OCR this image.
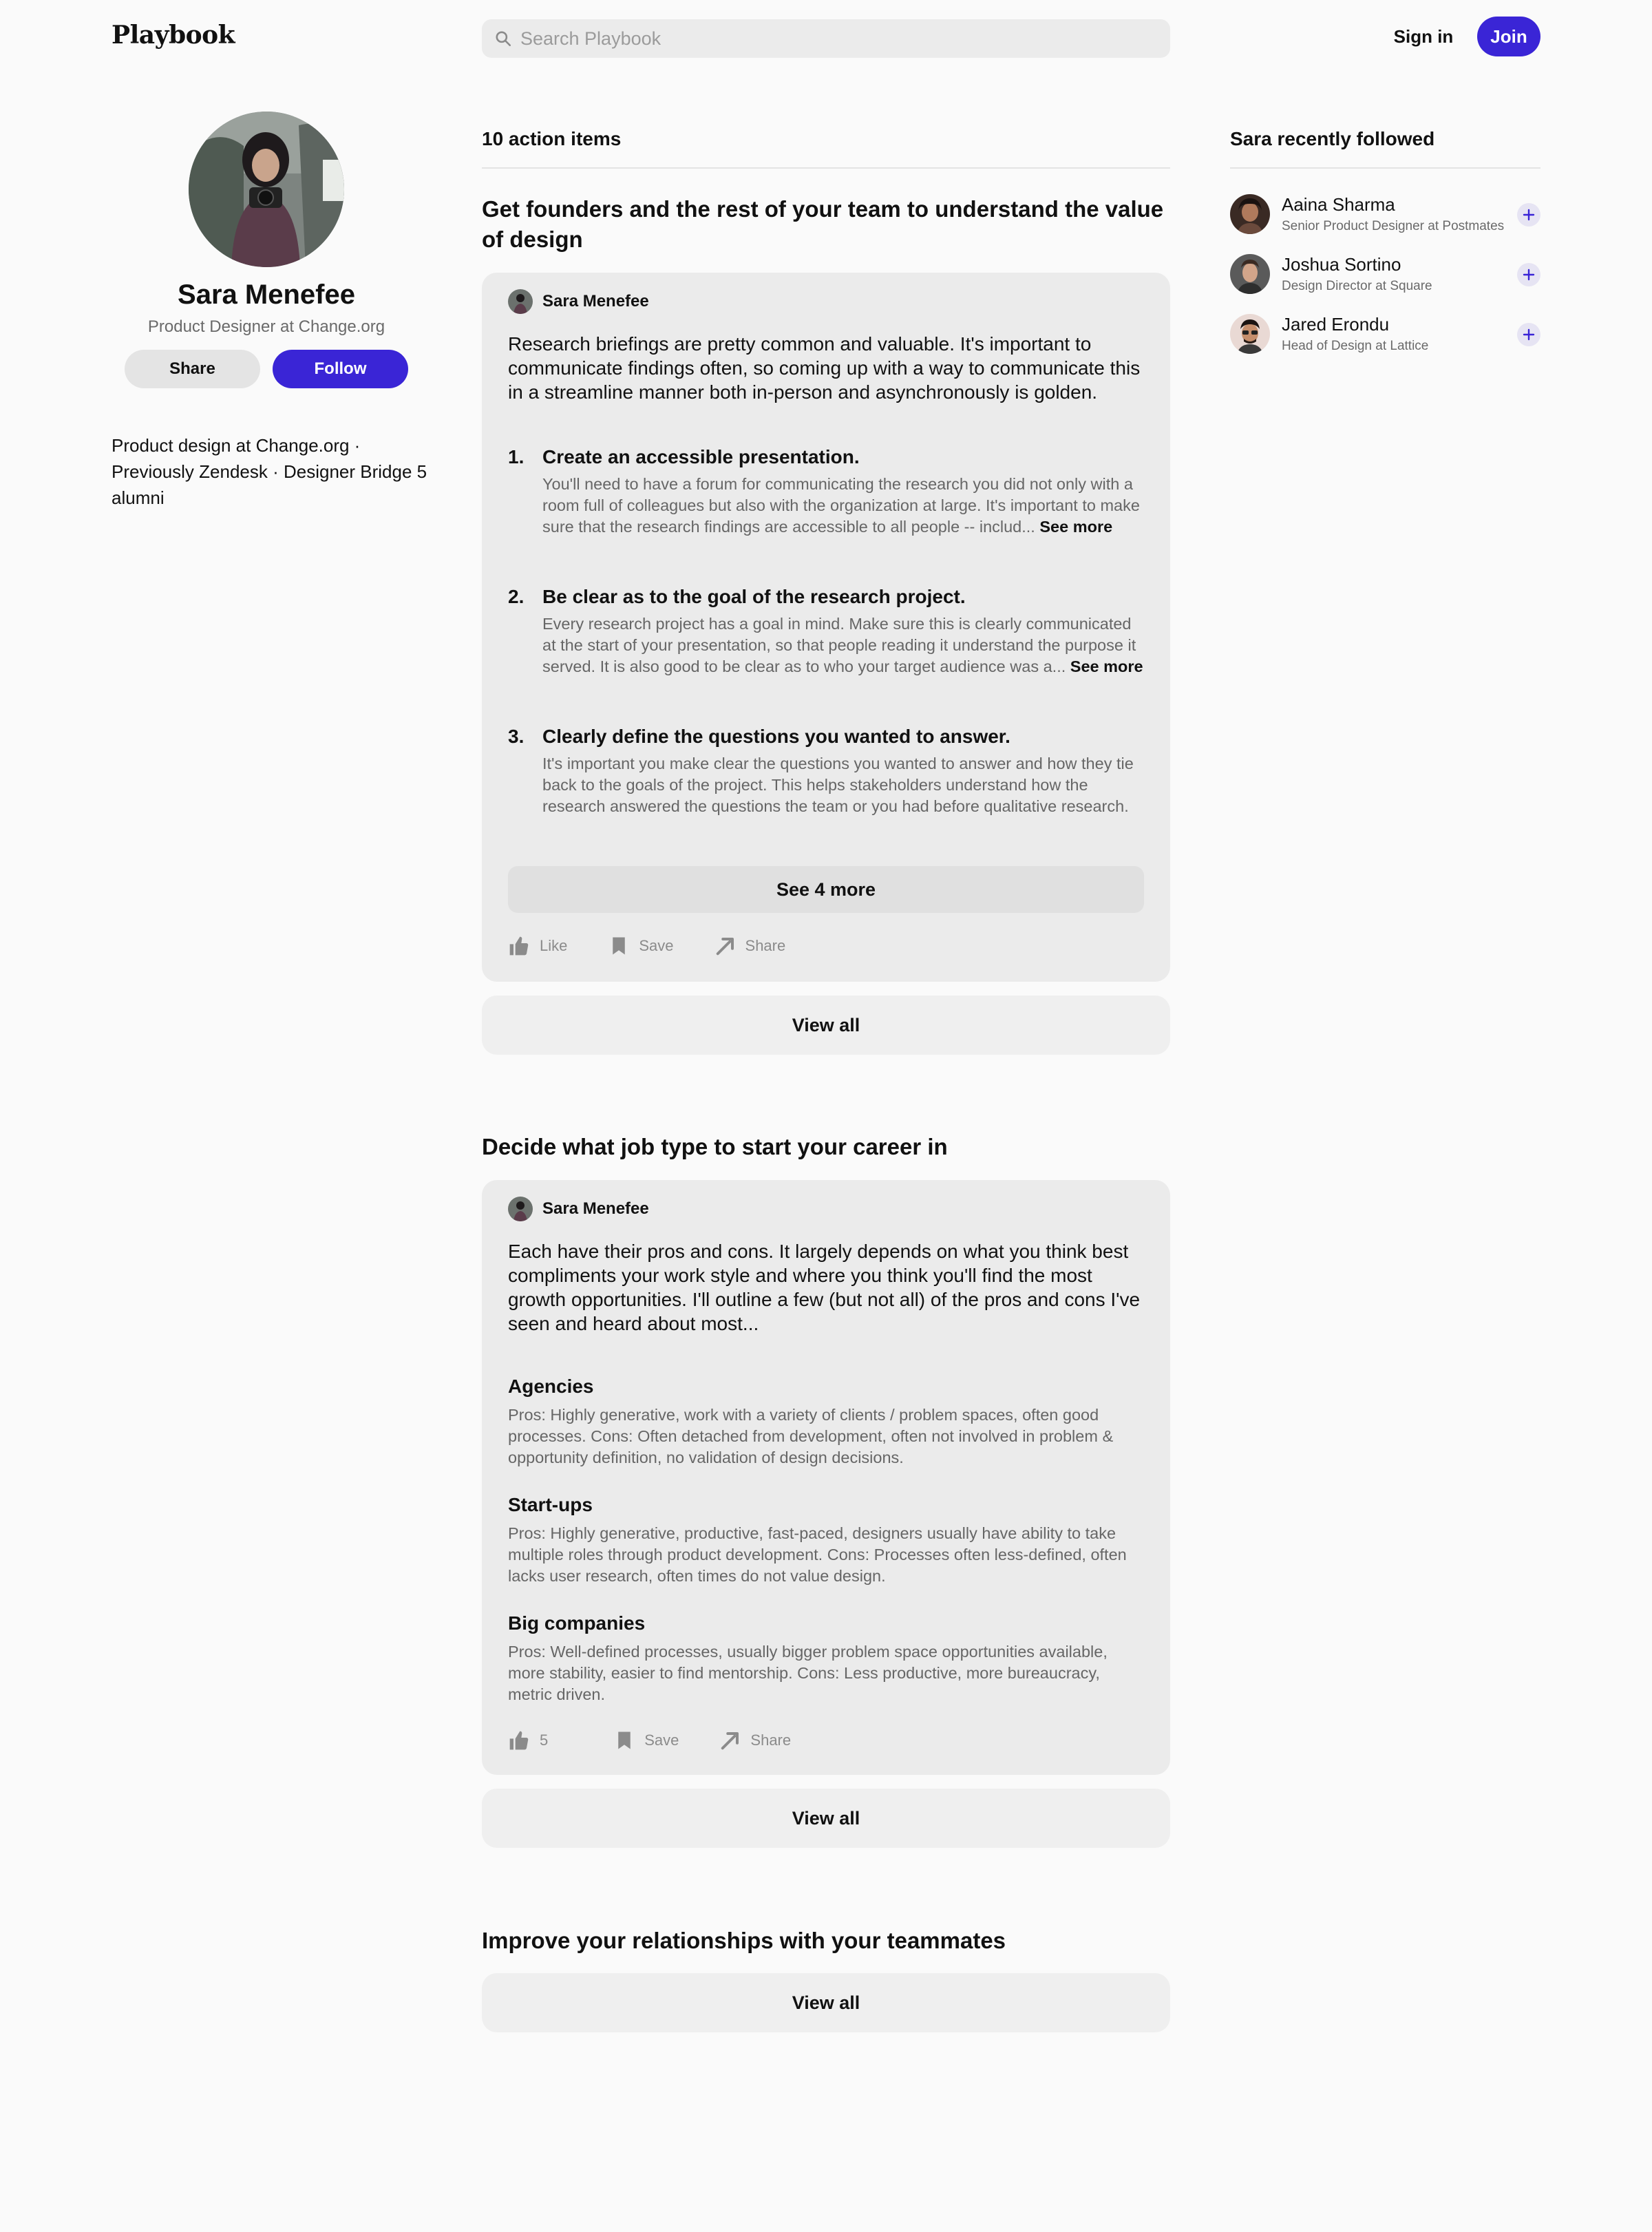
Playbook
Search Playbook	Sign in	Join
Sara Menefee
Product Designer at Change.org
Share	Follow
Product design at Change.org · Previously Zendesk · Designer Bridge 5 alumni
10 action items
Get founders and the rest of your team to understand the value of design
Sara Menefee
Research briefings are pretty common and valuable. It's important to communicate findings often, so coming up with a way to communicate this in a streamline manner both in-person and asynchronously is golden.
1. Create an accessible presentation.
You'll need to have a forum for communicating the research you did not only with a room full of colleagues but also with the organization at large. It's important to make sure that the research findings are accessible to all people -- includ... See more
2. Be clear as to the goal of the research project.
Every research project has a goal in mind. Make sure this is clearly communicated at the start of your presentation, so that people reading it understand the purpose it served. It is also good to be clear as to who your target audience was a... See more
3. Clearly define the questions you wanted to answer.
It's important you make clear the questions you wanted to answer and how they tie back to the goals of the project. This helps stakeholders understand how the research answered the questions the team or you had before qualitative research.
See 4 more
Like	Save	Share
View all
Decide what job type to start your career in
Sara Menefee
Each have their pros and cons. It largely depends on what you think best compliments your work style and where you think you'll find the most growth opportunities. I'll outline a few (but not all) of the pros and cons I've seen and heard about most...
Agencies
Pros: Highly generative, work with a variety of clients / problem spaces, often good processes. Cons: Often detached from development, often not involved in problem & opportunity definition, no validation of design decisions.
Start-ups
Pros: Highly generative, productive, fast-paced, designers usually have ability to take multiple roles through product development. Cons: Processes often less-defined, often lacks user research, often times do not value design.
Big companies
Pros: Well-defined processes, usually bigger problem space opportunities available, more stability, easier to find mentorship. Cons: Less productive, more bureaucracy, metric driven.
5	Save	Share
View all
Improve your relationships with your teammates
View all
Sara recently followed
Aaina Sharma
Senior Product Designer at Postmates
Joshua Sortino
Design Director at Square
Jared Erondu
Head of Design at Lattice
